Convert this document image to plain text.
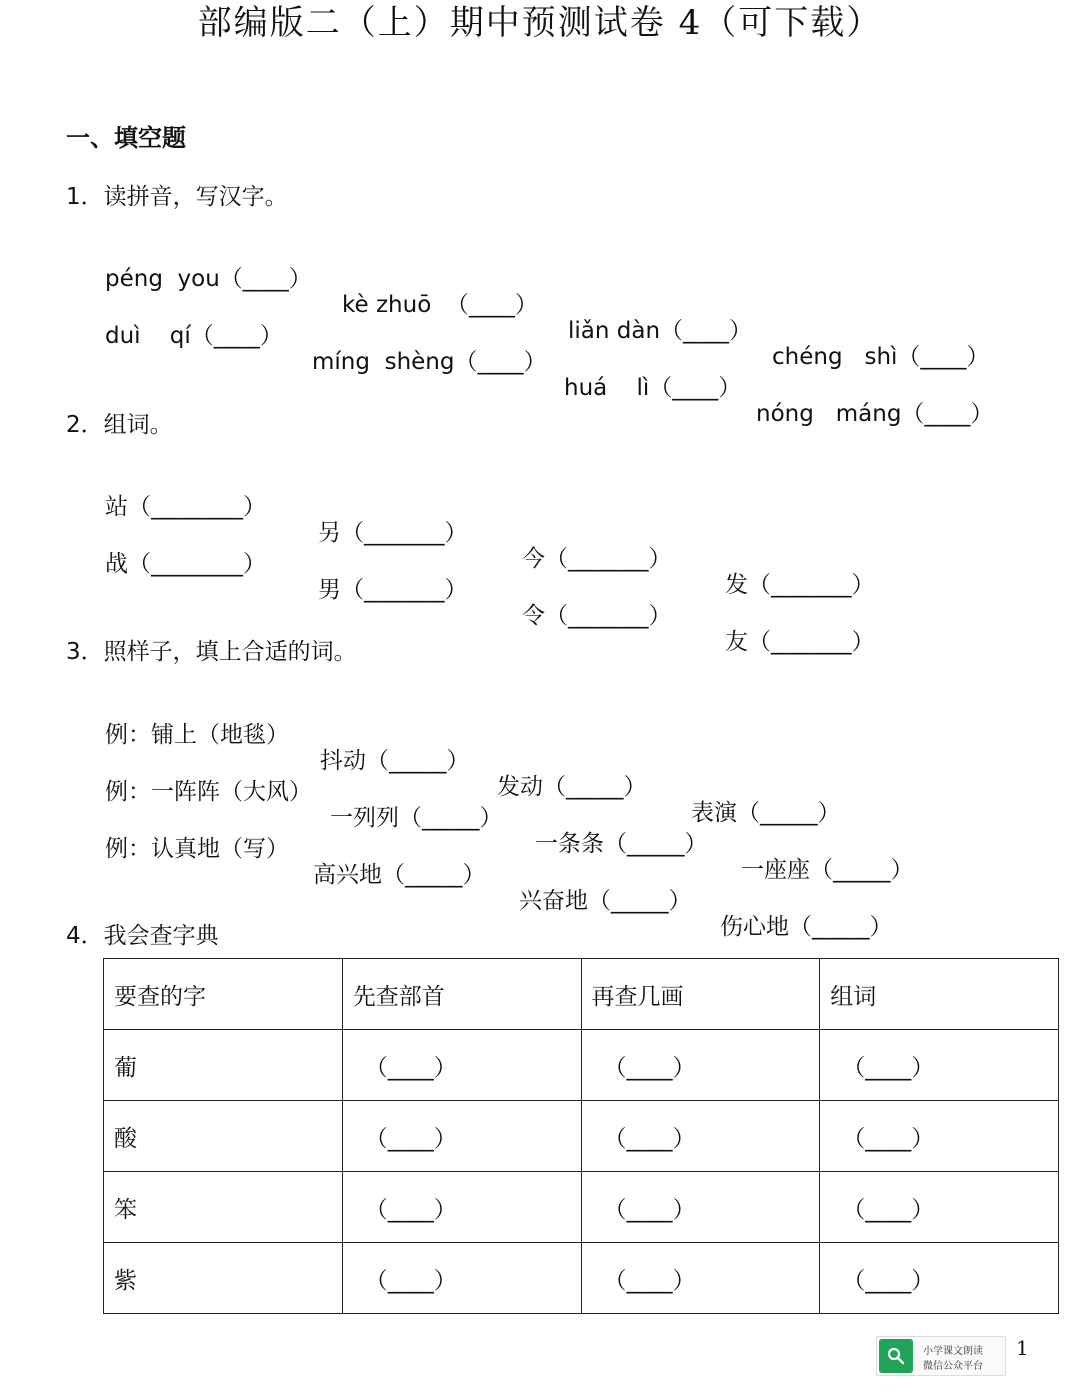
部编版二（上）期中预测试卷 4（可下载）
一、填空题
1．读拼音，写汉字。

péng  you（____）

kè zhuō  （____）

liǎn dàn（____）

chéng   shì（____）

duì    qí（____）

míng  shèng（____）

huá    lì（____）

nóng   máng（____）

2．组词。

站（________）

另（_______）

今（_______）

发（_______）

战（________）

男（_______）

令（_______）

友（_______）

3．照样子，填上合适的词。

例：铺上（地毯）

抖动（_____）

发动（_____）

表演（_____）

例：一阵阵（大风）

一列列（_____）

一条条（_____）

一座座（_____）

例：认真地（写）

高兴地（_____）

兴奋地（_____）

伤心地（_____）

4．我会查字典
要查的字	先查部首	再查几画	组词
葡	（____）	（____）	（____）
酸	（____）	（____）	（____）
笨	（____）	（____）	（____）
紫	（____）	（____）	（____）
小学课文朗读
微信公众平台
1
